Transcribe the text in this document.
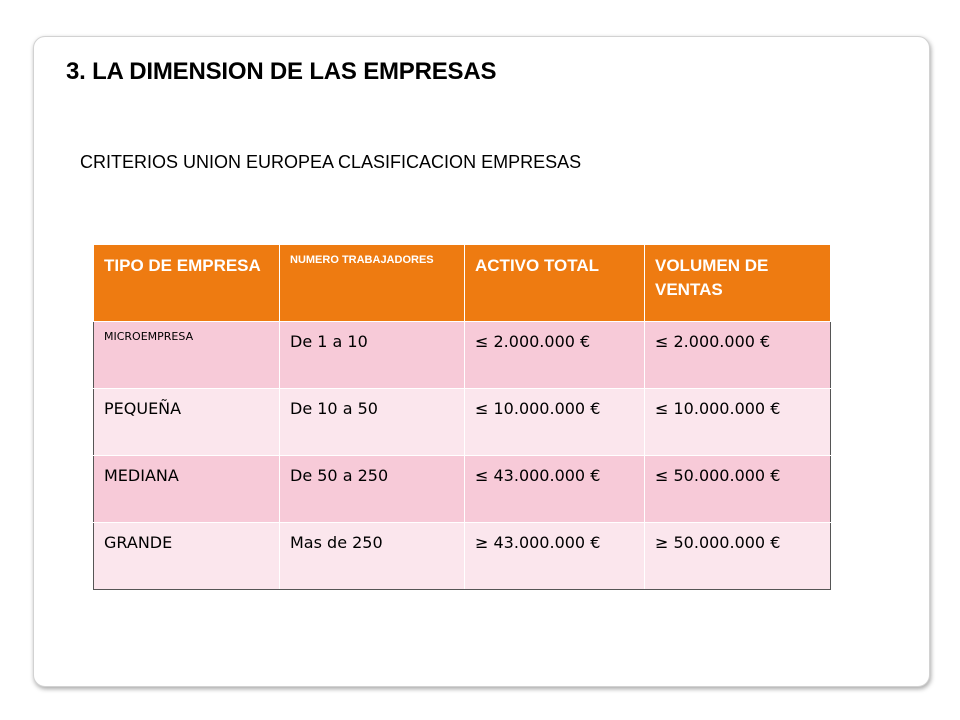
3. LA DIMENSION DE LAS EMPRESAS
CRITERIOS UNION EUROPEA CLASIFICACION EMPRESAS
TIPO DE EMPRESA	NUMERO TRABAJADORES	ACTIVO TOTAL	VOLUMEN DE VENTAS
MICROEMPRESA	De 1 a 10	≤ 2.000.000 €	≤ 2.000.000 €
PEQUEÑA	De 10 a 50	≤ 10.000.000 €	≤ 10.000.000 €
MEDIANA	De 50 a 250	≤ 43.000.000 €	≤ 50.000.000 €
GRANDE	Mas de 250	≥ 43.000.000 €	≥ 50.000.000 €
